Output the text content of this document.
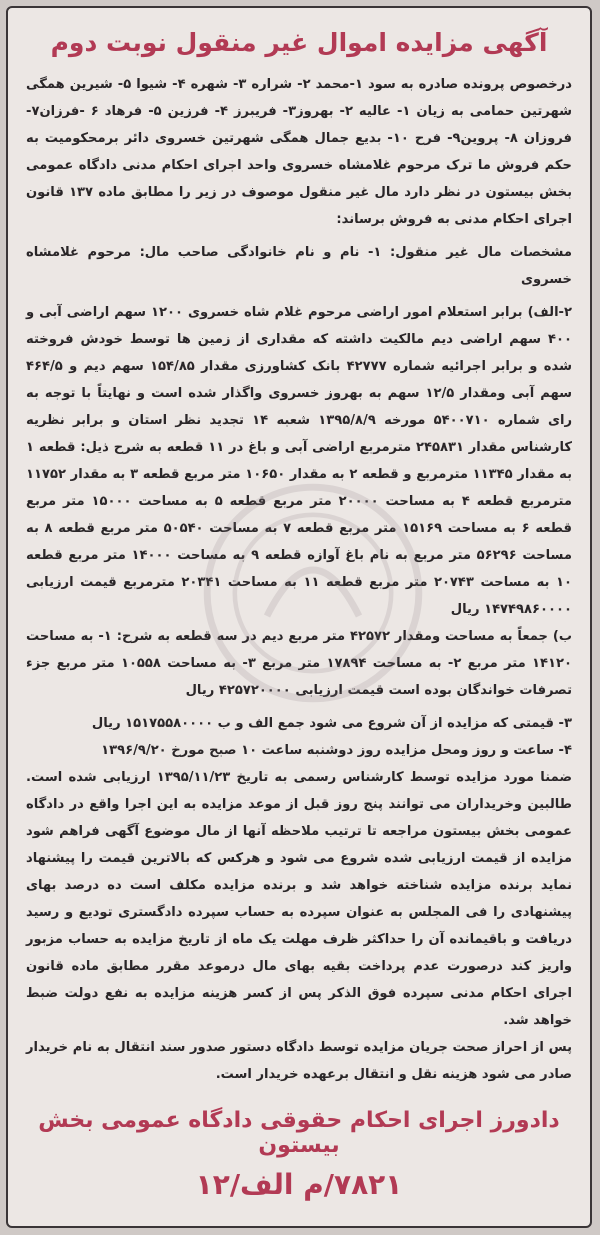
آگهی مزایده اموال غیر منقول نوبت دوم

درخصوص پرونده صادره به سود ۱-محمد ۲- شراره ۳- شهره ۴- شیوا ۵- شیرین همگی شهرتین حمامی به زیان ۱- عالیه ۲- بهروز۳- فریبرز ۴- فرزین ۵- فرهاد ۶ -فرزان۷- فروزان ۸- پروین۹- فرح ۱۰- بدیع جمال همگی شهرتین خسروی دائر برمحکومیت به حکم فروش ما ترک مرحوم غلامشاه خسروی واحد اجرای احکام مدنی دادگاه عمومی بخش بیستون در نظر دارد مال غیر منقول موصوف در زیر را مطابق ماده ۱۳۷ قانون اجرای احکام مدنی به فروش برساند:

مشخصات مال غیر منقول: ۱- نام و نام خانوادگی صاحب مال: مرحوم غلامشاه خسروی

۲-الف) برابر استعلام امور اراضی مرحوم غلام شاه خسروی ۱۲۰۰ سهم اراضی آبی و ۴۰۰ سهم اراضی دیم مالکیت داشته که مقداری از زمین ها توسط خودش فروخته شده و برابر اجرائیه شماره ۴۲۷۷۷ بانک کشاورزی مقدار ۱۵۴/۸۵ سهم دیم و ۴۶۴/۵ سهم آبی ومقدار ۱۲/۵ سهم به بهروز خسروی واگذار شده است و نهایتاً با توجه به رای شماره ۵۴۰۰۷۱۰ مورخه ۱۳۹۵/۸/۹ شعبه ۱۴ تجدید نظر استان و برابر نظریه کارشناس مقدار ۲۴۵۸۳۱ مترمربع اراضی آبی و باغ در ۱۱ قطعه به شرح ذیل: قطعه ۱ به مقدار ۱۱۳۴۵ مترمربع و قطعه ۲ به مقدار ۱۰۶۵۰ متر مربع قطعه ۳ به مقدار ۱۱۷۵۲ مترمربع قطعه ۴ به مساحت ۲۰۰۰۰ متر مربع قطعه ۵ به مساحت ۱۵۰۰۰ متر مربع قطعه ۶ به مساحت ۱۵۱۶۹ متر مربع قطعه ۷ به مساحت ۵۰۵۴۰ متر مربع قطعه ۸ به مساحت ۵۶۲۹۶ متر مربع به نام باغ آوازه قطعه ۹ به مساحت ۱۴۰۰۰ متر مربع قطعه ۱۰ به مساحت ۲۰۷۴۳ متر مربع قطعه ۱۱ به مساحت ۲۰۳۴۱ مترمربع قیمت ارزیابی ۱۴۷۴۹۸۶۰۰۰۰ ریال

ب) جمعاً به مساحت ومقدار ۴۲۵۷۲ متر مربع دیم در سه قطعه به شرح: ۱- به مساحت ۱۴۱۲۰ متر مربع ۲- به مساحت ۱۷۸۹۴ متر مربع ۳- به مساحت ۱۰۵۵۸ متر مربع جزء تصرفات خواندگان بوده است قیمت ارزیابی ۴۲۵۷۲۰۰۰۰ ریال

۳- قیمتی که مزایده از آن شروع می شود جمع الف و ب ۱۵۱۷۵۵۸۰۰۰۰ ریال

۴- ساعت و روز ومحل مزایده روز دوشنبه ساعت ۱۰ صبح مورخ ۱۳۹۶/۹/۲۰

ضمنا مورد مزایده توسط کارشناس رسمی به تاریخ ۱۳۹۵/۱۱/۲۳ ارزیابی شده است. طالبین وخریداران می توانند پنج روز قبل از موعد مزایده به این اجرا واقع در دادگاه عمومی بخش بیستون مراجعه تا ترتیب ملاحظه آنها از مال موضوع آگهی فراهم شود مزایده از قیمت ارزیابی شده شروع می شود و هرکس که بالاترین قیمت را پیشنهاد نماید برنده مزایده شناخته خواهد شد و برنده مزایده مکلف است ده درصد بهای پیشنهادی را فی المجلس به عنوان سپرده به حساب سپرده دادگستری تودیع و رسید دریافت و باقیمانده آن را حداکثر ظرف مهلت یک ماه از تاریخ مزایده به حساب مزبور واریز کند درصورت عدم پرداخت بقیه بهای مال درموعد مقرر مطابق ماده قانون اجرای احکام مدنی سپرده فوق الذکر پس از کسر هزینه مزایده به نفع دولت ضبط خواهد شد.

پس از احراز صحت جریان مزایده توسط دادگاه دستور صدور سند انتقال به نام خریدار صادر می شود هزینه نقل و انتقال برعهده خریدار است.

دادورز اجرای احکام حقوقی دادگاه عمومی بخش بیستون
۷۸۲۱/م الف/۱۲
